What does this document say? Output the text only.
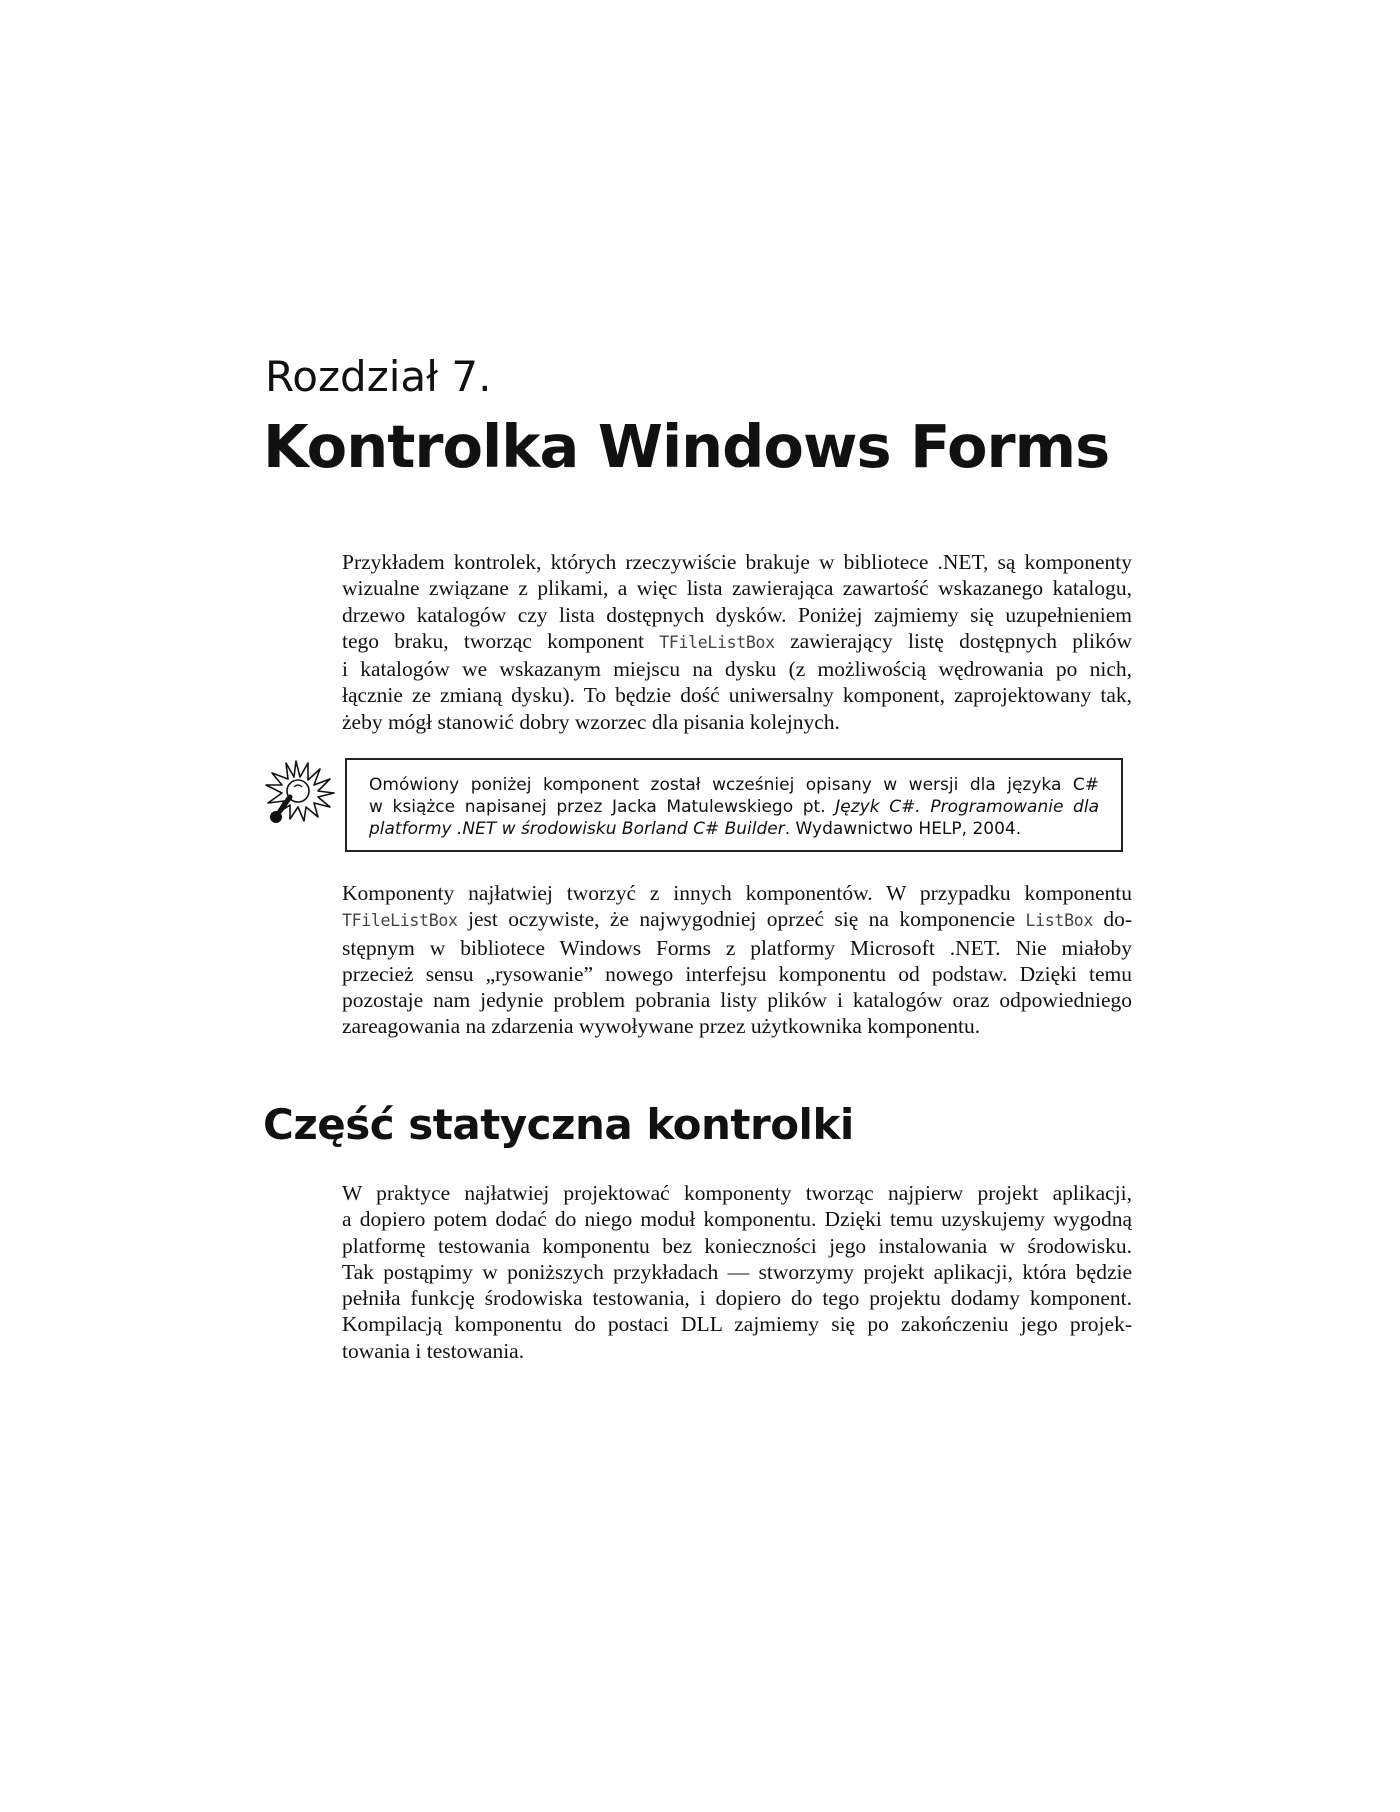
Rozdział 7.
Kontrolka Windows Forms
Przykładem kontrolek, których rzeczywiście brakuje w bibliotece .NET, są komponenty
wizualne związane z plikami, a więc lista zawierająca zawartość wskazanego katalogu,
drzewo katalogów czy lista dostępnych dysków. Poniżej zajmiemy się uzupełnieniem
tego braku, tworząc komponent TFileListBox zawierający listę dostępnych plików
i katalogów we wskazanym miejscu na dysku (z możliwością wędrowania po nich,
łącznie ze zmianą dysku). To będzie dość uniwersalny komponent, zaprojektowany tak,
żeby mógł stanowić dobry wzorzec dla pisania kolejnych.
Omówiony poniżej komponent został wcześniej opisany w wersji dla języka C#
w książce napisanej przez Jacka Matulewskiego pt. Język C#. Programowanie dla
platformy .NET w środowisku Borland C# Builder. Wydawnictwo HELP, 2004.
Komponenty najłatwiej tworzyć z innych komponentów. W przypadku komponentu
TFileListBox jest oczywiste, że najwygodniej oprzeć się na komponencie ListBox do-
stępnym w bibliotece Windows Forms z platformy Microsoft .NET. Nie miałoby
przecież sensu „rysowanie” nowego interfejsu komponentu od podstaw. Dzięki temu
pozostaje nam jedynie problem pobrania listy plików i katalogów oraz odpowiedniego
zareagowania na zdarzenia wywoływane przez użytkownika komponentu.
Część statyczna kontrolki
W praktyce najłatwiej projektować komponenty tworząc najpierw projekt aplikacji,
a dopiero potem dodać do niego moduł komponentu. Dzięki temu uzyskujemy wygodną
platformę testowania komponentu bez konieczności jego instalowania w środowisku.
Tak postąpimy w poniższych przykładach — stworzymy projekt aplikacji, która będzie
pełniła funkcję środowiska testowania, i dopiero do tego projektu dodamy komponent.
Kompilacją komponentu do postaci DLL zajmiemy się po zakończeniu jego projek-
towania i testowania.
